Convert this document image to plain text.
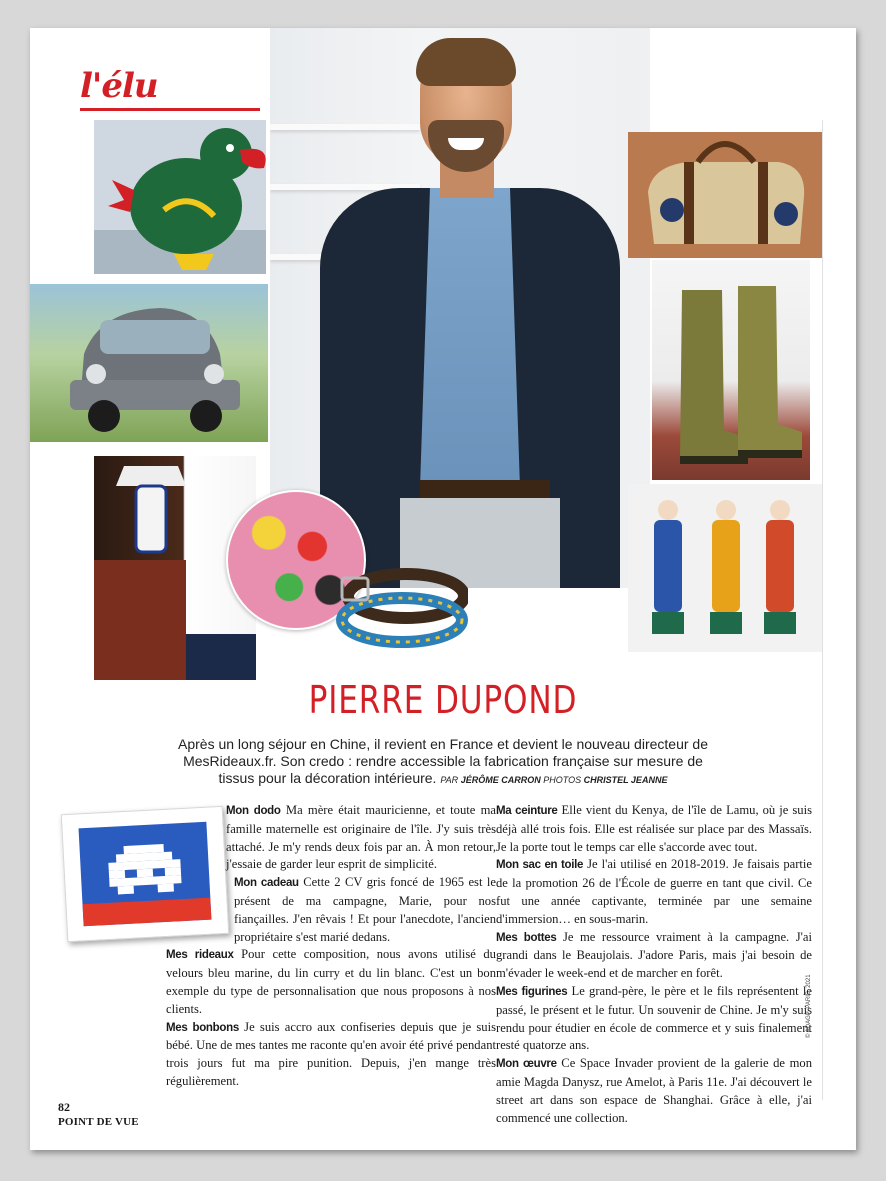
l'élu
PIERRE DUPOND
Après un long séjour en Chine, il revient en France et devient le nouveau directeur de MesRideaux.fr. Son credo : rendre accessible la fabrication française sur mesure de tissus pour la décoration intérieure. PAR JÉRÔME CARRON PHOTOS CHRISTEL JEANNE

Mon dodo Ma mère était mauricienne, et toute ma famille maternelle est originaire de l'île. J'y suis très attaché. Je m'y rends deux fois par an. À mon retour, j'essaie de garder leur esprit de simplicité.

Mon cadeau Cette 2 CV gris foncé de 1965 est le présent de ma campagne, Marie, pour nos fiançailles. J'en rêvais ! Et pour l'anecdote, l'ancien propriétaire s'est marié dedans.

Mes rideaux Pour cette composition, nous avons utilisé du velours bleu marine, du lin curry et du lin blanc. C'est un bon exemple du type de personnalisation que nous proposons à nos clients.

Mes bonbons Je suis accro aux confiseries depuis que je suis bébé. Une de mes tantes me raconte qu'en avoir été privé pendant trois jours fut ma pire punition. Depuis, j'en mange très régulièrement.

Ma ceinture Elle vient du Kenya, de l'île de Lamu, où je suis déjà allé trois fois. Elle est réalisée sur place par des Massaïs. Je la porte tout le temps car elle s'accorde avec tout.

Mon sac en toile Je l'ai utilisé en 2018-2019. Je faisais partie de la promotion 26 de l'École de guerre en tant que civil. Ce fut une année captivante, terminée par une semaine d'immersion… en sous-marin.

Mes bottes Je me ressource vraiment à la campagne. J'ai grandi dans le Beaujolais. J'adore Paris, mais j'ai besoin de m'évader le week-end et de marcher en forêt.

Mes figurines Le grand-père, le père et le fils représentent le passé, le présent et le futur. Un souvenir de Chine. Je m'y suis rendu pour étudier en école de commerce et y suis finalement resté quatorze ans.

Mon œuvre Ce Space Invader provient de la galerie de mon amie Magda Danysz, rue Amelot, à Paris 11e. J'ai découvert le street art dans son espace de Shanghai. Grâce à elle, j'ai commencé une collection.

82
POINT DE VUE
© ADAGP, PARIS, 2021
